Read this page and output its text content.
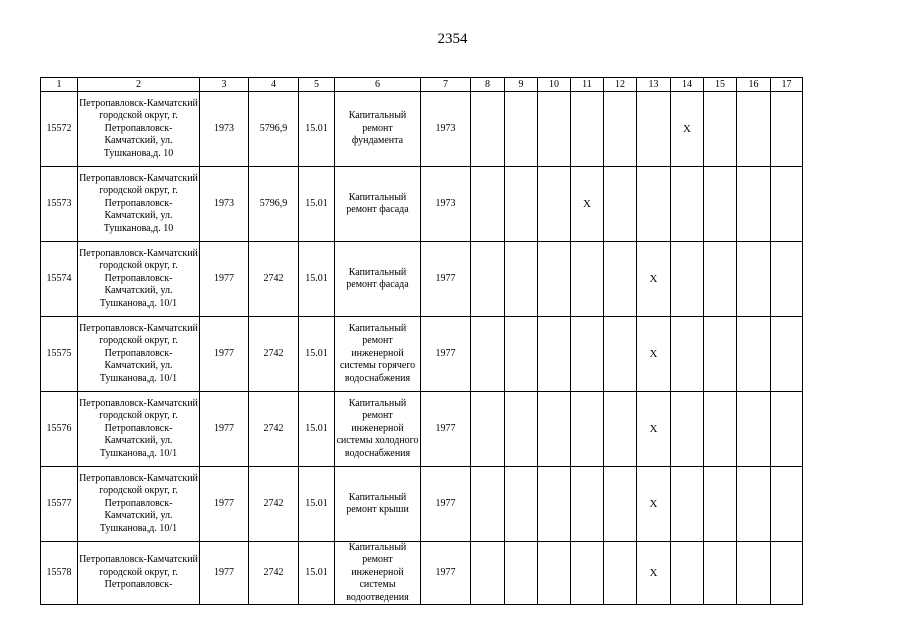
2354
1	2	3	4	5	6	7	8	9	10	11	12	13	14	15	16	17
15572	Петропавловск-Камчатский городской округ, г. Петропавловск-Камчатский, ул. Тушканова,д. 10	1973	5796,9	15.01	Капитальный ремонт фундамента	1973							X			
15573	Петропавловск-Камчатский городской округ, г. Петропавловск-Камчатский, ул. Тушканова,д. 10	1973	5796,9	15.01	Капитальный ремонт фасада	1973				X						
15574	Петропавловск-Камчатский городской округ, г. Петропавловск-Камчатский, ул. Тушканова,д. 10/1	1977	2742	15.01	Капитальный ремонт фасада	1977						X				
15575	Петропавловск-Камчатский городской округ, г. Петропавловск-Камчатский, ул. Тушканова,д. 10/1	1977	2742	15.01	Капитальный ремонт инженерной системы горячего водоснабжения	1977						X				
15576	Петропавловск-Камчатский городской округ, г. Петропавловск-Камчатский, ул. Тушканова,д. 10/1	1977	2742	15.01	Капитальный ремонт инженерной системы холодного водоснабжения	1977						X				
15577	Петропавловск-Камчатский городской округ, г. Петропавловск-Камчатский, ул. Тушканова,д. 10/1	1977	2742	15.01	Капитальный ремонт крыши	1977						X				
15578	Петропавловск-Камчатский городской округ, г. Петропавловск-	1977	2742	15.01	Капитальный ремонт инженерной системы водоотведения	1977						X				
